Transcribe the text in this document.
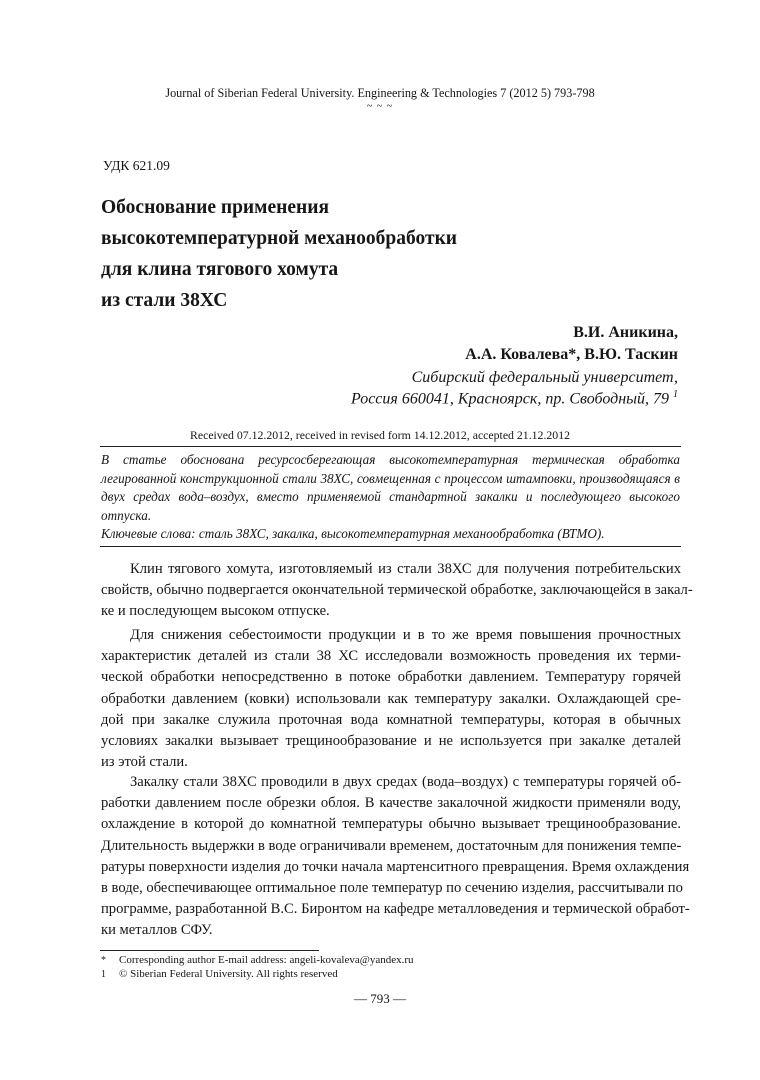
Journal of Siberian Federal University. Engineering & Technologies 7 (2012 5) 793-798
~ ~ ~
УДК 621.09
Обоснование применения
высокотемпературной механообработки
для клина тягового хомута
из стали 38ХС
В.И. Аникина,
А.А. Ковалева*, В.Ю. Таскин
Сибирский федеральный университет,
Россия 660041, Красноярск, пр. Свободный, 79 $^1$
Received 07.12.2012, received in revised form 14.12.2012, accepted 21.12.2012
В статье обоснована ресурсосберегающая высокотемпературная термическая обработка легированной конструкционной стали 38ХС, совмещенная с процессом штамповки, производящаяся в двух средах вода–воздух, вместо применяемой стандартной закалки и последующего высокого отпуска.
Ключевые слова: сталь 38ХС, закалка, высокотемпературная механообработка (ВТМО).
Клин тягового хомута, изготовляемый из стали 38ХС для получения потребительских
свойств, обычно подвергается окончательной термической обработке, заключающейся в закал-
ке и последующем высоком отпуске.
Для снижения себестоимости продукции и в то же время повышения прочностных
характеристик деталей из стали 38 ХС исследовали возможность проведения их терми-
ческой обработки непосредственно в потоке обработки давлением. Температуру горячей
обработки давлением (ковки) использовали как температуру закалки. Охлаждающей сре-
дой при закалке служила проточная вода комнатной температуры, которая в обычных
условиях закалки вызывает трещинообразование и не используется при закалке деталей
из этой стали.
Закалку стали 38ХС проводили в двух средах (вода–воздух) с температуры горячей об-
работки давлением после обрезки облоя. В качестве закалочной жидкости применяли воду,
охлаждение в которой до комнатной температуры обычно вызывает трещинообразование.
Длительность выдержки в воде ограничивали временем, достаточным для понижения темпе-
ратуры поверхности изделия до точки начала мартенситного превращения. Время охлаждения
в воде, обеспечивающее оптимальное поле температур по сечению изделия, рассчитывали по
программе, разработанной В.С. Биронтом на кафедре металловедения и термической обработ-
ки металлов СФУ.
* Corresponding author E-mail address: angeli-kovaleva@yandex.ru
1 © Siberian Federal University. All rights reserved
— 793 —
